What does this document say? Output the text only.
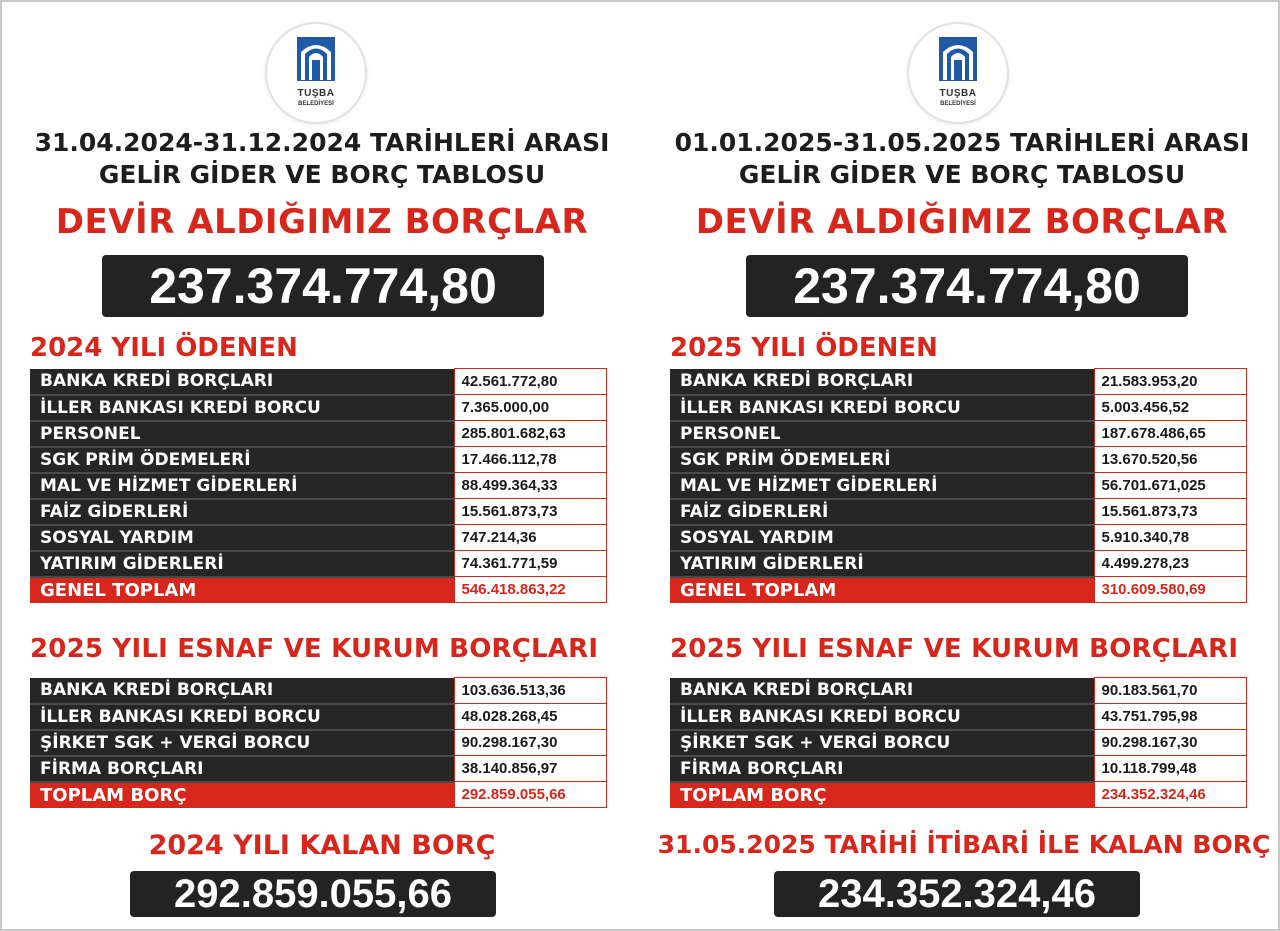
TUŞBA
BELEDİYESİ
31.04.2024-31.12.2024 TARİHLERİ ARASI
GELİR GİDER VE BORÇ TABLOSU
DEVİR ALDIĞIMIZ BORÇLAR
237.374.774,80
2024 YILI ÖDENEN
BANKA KREDİ BORÇLARI	42.561.772,80
İLLER BANKASI KREDİ BORCU	7.365.000,00
PERSONEL	285.801.682,63
SGK PRİM ÖDEMELERİ	17.466.112,78
MAL VE HİZMET GİDERLERİ	88.499.364,33
FAİZ GİDERLERİ	15.561.873,73
SOSYAL YARDIM	747.214,36
YATIRIM GİDERLERİ	74.361.771,59
GENEL TOPLAM	546.418.863,22
2025 YILI ESNAF VE KURUM BORÇLARI
BANKA KREDİ BORÇLARI	103.636.513,36
İLLER BANKASI KREDİ BORCU	48.028.268,45
ŞİRKET SGK + VERGİ BORCU	90.298.167,30
FİRMA BORÇLARI	38.140.856,97
TOPLAM BORÇ	292.859.055,66
2024 YILI KALAN BORÇ
292.859.055,66
TUŞBA
BELEDİYESİ
01.01.2025-31.05.2025 TARİHLERİ ARASI
GELİR GİDER VE BORÇ TABLOSU
DEVİR ALDIĞIMIZ BORÇLAR
237.374.774,80
2025 YILI ÖDENEN
BANKA KREDİ BORÇLARI	21.583.953,20
İLLER BANKASI KREDİ BORCU	5.003.456,52
PERSONEL	187.678.486,65
SGK PRİM ÖDEMELERİ	13.670.520,56
MAL VE HİZMET GİDERLERİ	56.701.671,025
FAİZ GİDERLERİ	15.561.873,73
SOSYAL YARDIM	5.910.340,78
YATIRIM GİDERLERİ	4.499.278,23
GENEL TOPLAM	310.609.580,69
2025 YILI ESNAF VE KURUM BORÇLARI
BANKA KREDİ BORÇLARI	90.183.561,70
İLLER BANKASI KREDİ BORCU	43.751.795,98
ŞİRKET SGK + VERGİ BORCU	90.298.167,30
FİRMA BORÇLARI	10.118.799,48
TOPLAM BORÇ	234.352.324,46
31.05.2025 TARİHİ İTİBARİ İLE KALAN BORÇ
234.352.324,46
